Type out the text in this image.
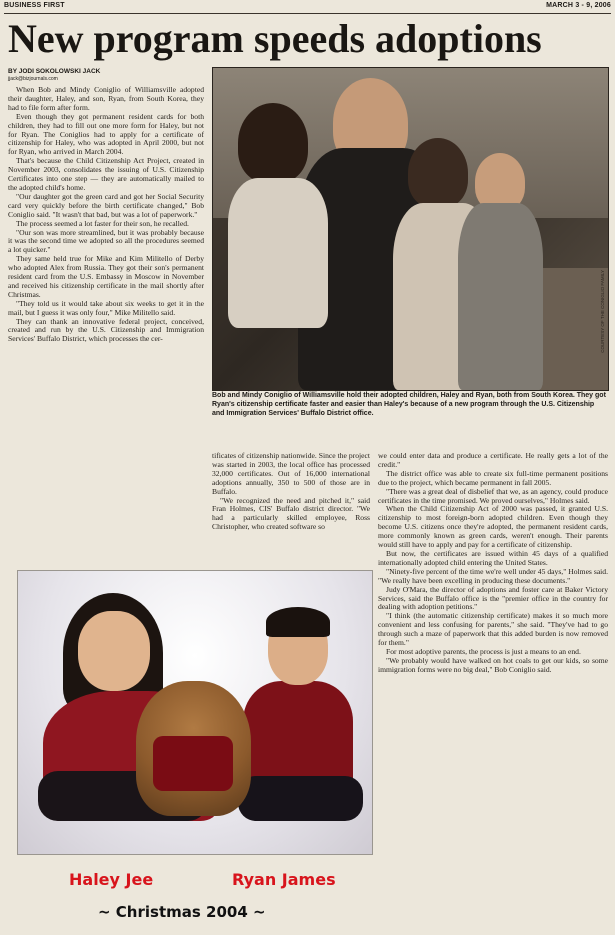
BUSINESS FIRST	MARCH 3 - 9, 2006
New program speeds adoptions
BY JODI SOKOLOWSKI JACK
jjack@bizjournals.com

When Bob and Mindy Coniglio of Williamsville adopted their daughter, Haley, and son, Ryan, from South Korea, they had to file form after form.

Even though they got permanent resident cards for both children, they had to fill out one more form for Haley, but not for Ryan. The Coniglios had to apply for a certificate of citizenship for Haley, who was adopted in April 2000, but not for Ryan, who arrived in March 2004.

That's because the Child Citizenship Act Project, created in November 2003, consolidates the issuing of U.S. Citizenship Certificates into one step — they are automatically mailed to the adopted child's home.

"Our daughter got the green card and got her Social Security card very quickly before the birth certificate changed," Bob Coniglio said. "It wasn't that bad, but was a lot of paperwork."

The process seemed a lot faster for their son, he recalled.

"Our son was more streamlined, but it was probably because it was the second time we adopted so all the procedures seemed a lot quicker."

They same held true for Mike and Kim Militello of Derby who adopted Alex from Russia. They got their son's permanent resident card from the U.S. Embassy in Moscow in November and received his citizenship certificate in the mail shortly after Christmas.

"They told us it would take about six weeks to get it in the mail, but I guess it was only four," Mike Militello said.

They can thank an innovative federal project, conceived, created and run by the U.S. Citizenship and Immigration Services' Buffalo District, which processes the cer-	COURTESY OF THE CONIGLIO FAMILY
Bob and Mindy Coniglio of Williamsville hold their adopted children, Haley and Ryan, both from South Korea. They got Ryan's citizenship certificate faster and easier than Haley's because of a new program through the U.S. Citizenship and Immigration Services' Buffalo District office.

tificates of citizenship nationwide. Since the project was started in 2003, the local office has processed 32,000 certificates. Out of 16,000 international adoptions annually, 350 to 500 of those are in Buffalo.

"We recognized the need and pitched it," said Fran Holmes, CIS' Buffalo district director. "We had a particularly skilled employee, Ross Christopher, who created software so

we could enter data and produce a certificate. He really gets a lot of the credit."

The district office was able to create six full-time permanent positions due to the project, which became permanent in fall 2005.

"There was a great deal of disbelief that we, as an agency, could produce certificates in the time promised. We proved ourselves," Holmes said.

When the Child Citizenship Act of 2000 was passed, it granted U.S. citizenship to most foreign-born adopted children. Even though they become U.S. citizens once they're adopted, the permanent resident cards, more commonly known as green cards, weren't enough. Their parents would still have to apply and pay for a certificate of citizenship.

But now, the certificates are issued within 45 days of a qualified internationally adopted child entering the United States.

"Ninety-five percent of the time we're well under 45 days," Holmes said. "We really have been excelling in producing these documents."

Judy O'Mara, the director of adoptions and foster care at Baker Victory Services, said the Buffalo office is the "premier office in the country for dealing with adoption petitions."

"I think (the automatic citizenship certificate) makes it so much more convenient and less confusing for parents," she said. "They've had to go through such a maze of paperwork that this added burden is now removed for them."

For most adoptive parents, the process is just a means to an end.

"We probably would have walked on hot coals to get our kids, so some immigration forms were no big deal," Bob Coniglio said.

Haley Jee	Ryan James
~ Christmas 2004 ~
